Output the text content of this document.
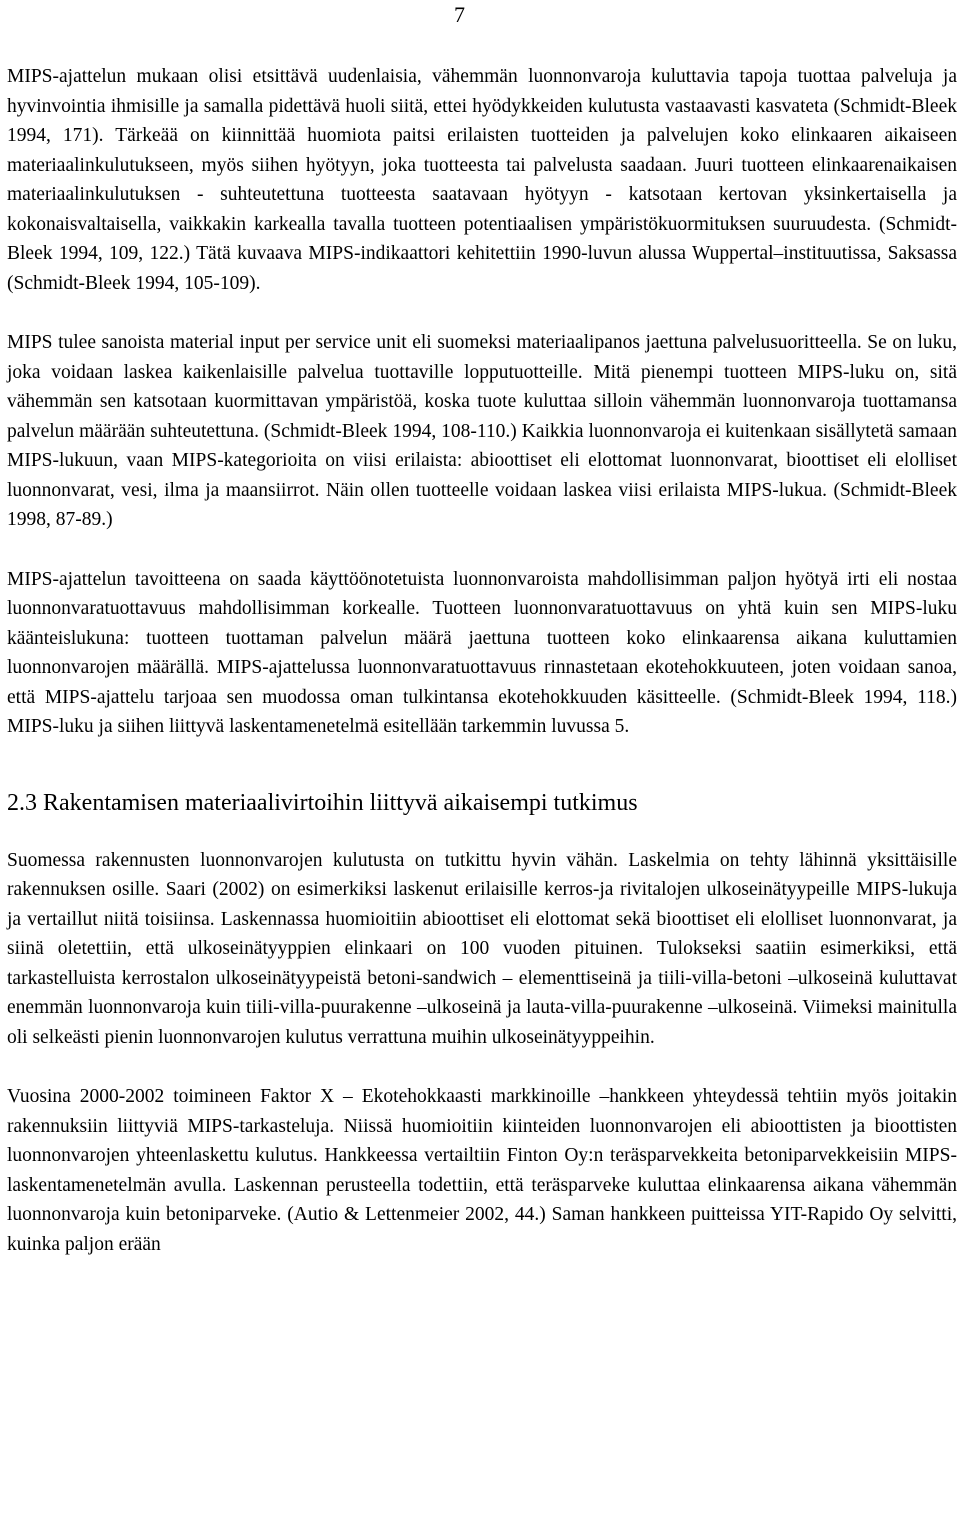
7

MIPS-ajattelun mukaan olisi etsittävä uudenlaisia, vähemmän luonnonvaroja kuluttavia tapoja tuottaa palveluja ja hyvinvointia ihmisille ja samalla pidettävä huoli siitä, ettei hyödykkeiden kulutusta vastaavasti kasvateta (Schmidt-Bleek 1994, 171). Tärkeää on kiinnittää huomiota paitsi erilaisten tuotteiden ja palvelujen koko elinkaaren aikaiseen materiaalinkulutukseen, myös siihen hyötyyn, joka tuotteesta tai palvelusta saadaan. Juuri tuotteen elinkaarenaikaisen materiaalinkulutuksen - suhteutettuna tuotteesta saatavaan hyötyyn - katsotaan kertovan yksinkertaisella ja kokonaisvaltaisella, vaikkakin karkealla tavalla tuotteen potentiaalisen ympäristökuormituksen suuruudesta. (Schmidt-Bleek 1994, 109, 122.) Tätä kuvaava MIPS-indikaattori kehitettiin 1990-luvun alussa Wuppertal–instituutissa, Saksassa (Schmidt-Bleek 1994, 105-109).

MIPS tulee sanoista material input per service unit eli suomeksi materiaalipanos jaettuna palvelusuoritteella. Se on luku, joka voidaan laskea kaikenlaisille palvelua tuottaville lopputuotteille. Mitä pienempi tuotteen MIPS-luku on, sitä vähemmän sen katsotaan kuormittavan ympäristöä, koska tuote kuluttaa silloin vähemmän luonnonvaroja tuottamansa palvelun määrään suhteutettuna. (Schmidt-Bleek 1994, 108-110.) Kaikkia luonnonvaroja ei kuitenkaan sisällytetä samaan MIPS-lukuun, vaan MIPS-kategorioita on viisi erilaista: abioottiset eli elottomat luonnonvarat, bioottiset eli elolliset luonnonvarat, vesi, ilma ja maansiirrot. Näin ollen tuotteelle voidaan laskea viisi erilaista MIPS-lukua. (Schmidt-Bleek 1998, 87-89.)

MIPS-ajattelun tavoitteena on saada käyttöönotetuista luonnonvaroista mahdollisimman paljon hyötyä irti eli nostaa luonnonvaratuottavuus mahdollisimman korkealle. Tuotteen luonnonvaratuottavuus on yhtä kuin sen MIPS-luku käänteislukuna: tuotteen tuottaman palvelun määrä jaettuna tuotteen koko elinkaarensa aikana kuluttamien luonnonvarojen määrällä. MIPS-ajattelussa luonnonvaratuottavuus rinnastetaan ekotehokkuuteen, joten voidaan sanoa, että MIPS-ajattelu tarjoaa sen muodossa oman tulkintansa ekotehokkuuden käsitteelle. (Schmidt-Bleek 1994, 118.) MIPS-luku ja siihen liittyvä laskentamenetelmä esitellään tarkemmin luvussa 5.

2.3 Rakentamisen materiaalivirtoihin liittyvä aikaisempi tutkimus

Suomessa rakennusten luonnonvarojen kulutusta on tutkittu hyvin vähän. Laskelmia on tehty lähinnä yksittäisille rakennuksen osille. Saari (2002) on esimerkiksi laskenut erilaisille kerros-ja rivitalojen ulkoseinätyypeille MIPS-lukuja ja vertaillut niitä toisiinsa. Laskennassa huomioitiin abioottiset eli elottomat sekä bioottiset eli elolliset luonnonvarat, ja siinä oletettiin, että ulkoseinätyyppien elinkaari on 100 vuoden pituinen. Tulokseksi saatiin esimerkiksi, että tarkastelluista kerrostalon ulkoseinätyypeistä betoni-sandwich – elementtiseinä ja tiili-villa-betoni –ulkoseinä kuluttavat enemmän luonnonvaroja kuin tiili-villa-puurakenne –ulkoseinä ja lauta-villa-puurakenne –ulkoseinä. Viimeksi mainitulla oli selkeästi pienin luonnonvarojen kulutus verrattuna muihin ulkoseinätyyppeihin.

Vuosina 2000-2002 toimineen Faktor X – Ekotehokkaasti markkinoille –hankkeen yhteydessä tehtiin myös joitakin rakennuksiin liittyviä MIPS-tarkasteluja. Niissä huomioitiin kiinteiden luonnonvarojen eli abioottisten ja bioottisten luonnonvarojen yhteenlaskettu kulutus. Hankkeessa vertailtiin Finton Oy:n teräsparvekkeita betoniparvekkeisiin MIPS-laskentamenetelmän avulla. Laskennan perusteella todettiin, että teräsparveke kuluttaa elinkaarensa aikana vähemmän luonnonvaroja kuin betoniparveke. (Autio & Lettenmeier 2002, 44.) Saman hankkeen puitteissa YIT-Rapido Oy selvitti, kuinka paljon erään
